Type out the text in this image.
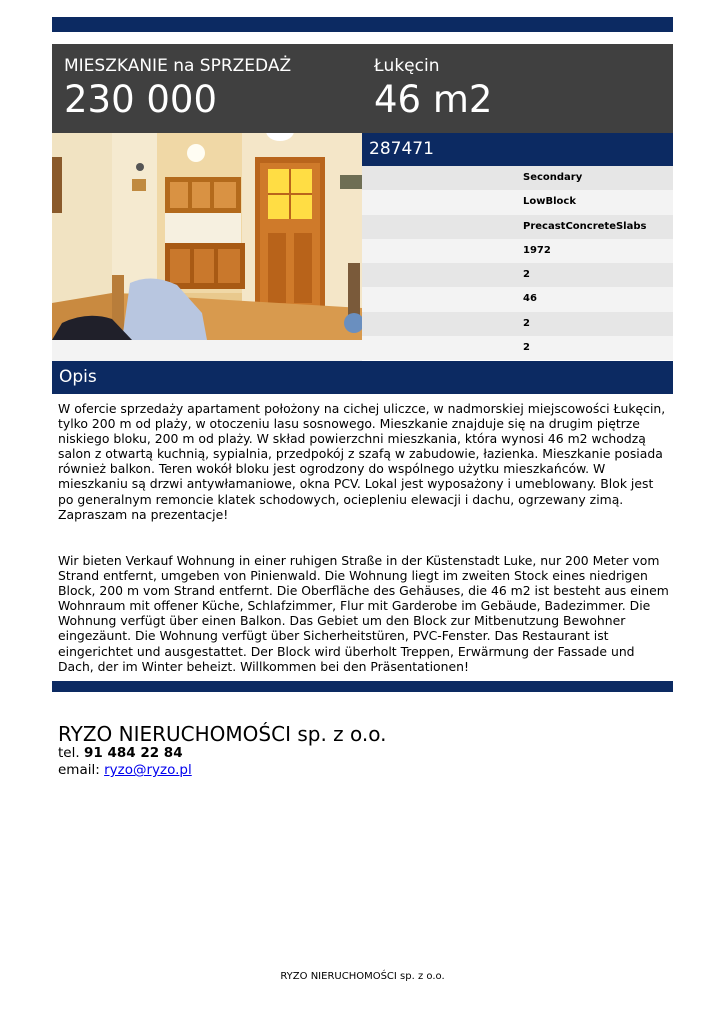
MIESZKANIE na SPRZEDAŻ
230 000
Łukęcin
46 m2
287471
Secondary
LowBlock
PrecastConcreteSlabs
1972
2
46
2
2
Opis

W ofercie sprzedaży apartament położony na cichej uliczce, w nadmorskiej miejscowości Łukęcin, tylko 200 m od plaży, w otoczeniu lasu sosnowego. Mieszkanie znajduje się na drugim piętrze niskiego bloku, 200 m od plaży. W skład powierzchni mieszkania, która wynosi 46 m2 wchodzą salon z otwartą kuchnią, sypialnia, przedpokój z szafą w zabudowie, łazienka. Mieszkanie posiada również balkon. Teren wokół bloku jest ogrodzony do wspólnego użytku mieszkańców. W mieszkaniu są drzwi antywłamaniowe, okna PCV. Lokal jest wyposażony i umeblowany. Blok jest po generalnym remoncie klatek schodowych, ociepleniu elewacji i dachu, ogrzewany zimą. Zapraszam na prezentacje!

Wir bieten Verkauf Wohnung in einer ruhigen Straße in der Küstenstadt Luke, nur 200 Meter vom Strand entfernt, umgeben von Pinienwald. Die Wohnung liegt im zweiten Stock eines niedrigen Block, 200 m vom Strand entfernt. Die Oberfläche des Gehäuses, die 46 m2 ist besteht aus einem Wohnraum mit offener Küche, Schlafzimmer, Flur mit Garderobe im Gebäude, Badezimmer. Die Wohnung verfügt über einen Balkon. Das Gebiet um den Block zur Mitbenutzung Bewohner eingezäunt. Die Wohnung verfügt über Sicherheitstüren, PVC-Fenster. Das Restaurant ist eingerichtet und ausgestattet. Der Block wird überholt Treppen, Erwärmung der Fassade und Dach, der im Winter beheizt. Willkommen bei den Präsentationen!

RYZO NIERUCHOMOŚCI sp. z o.o.
tel. 91 484 22 84
email: ryzo@ryzo.pl
RYZO NIERUCHOMOŚCI sp. z o.o.
